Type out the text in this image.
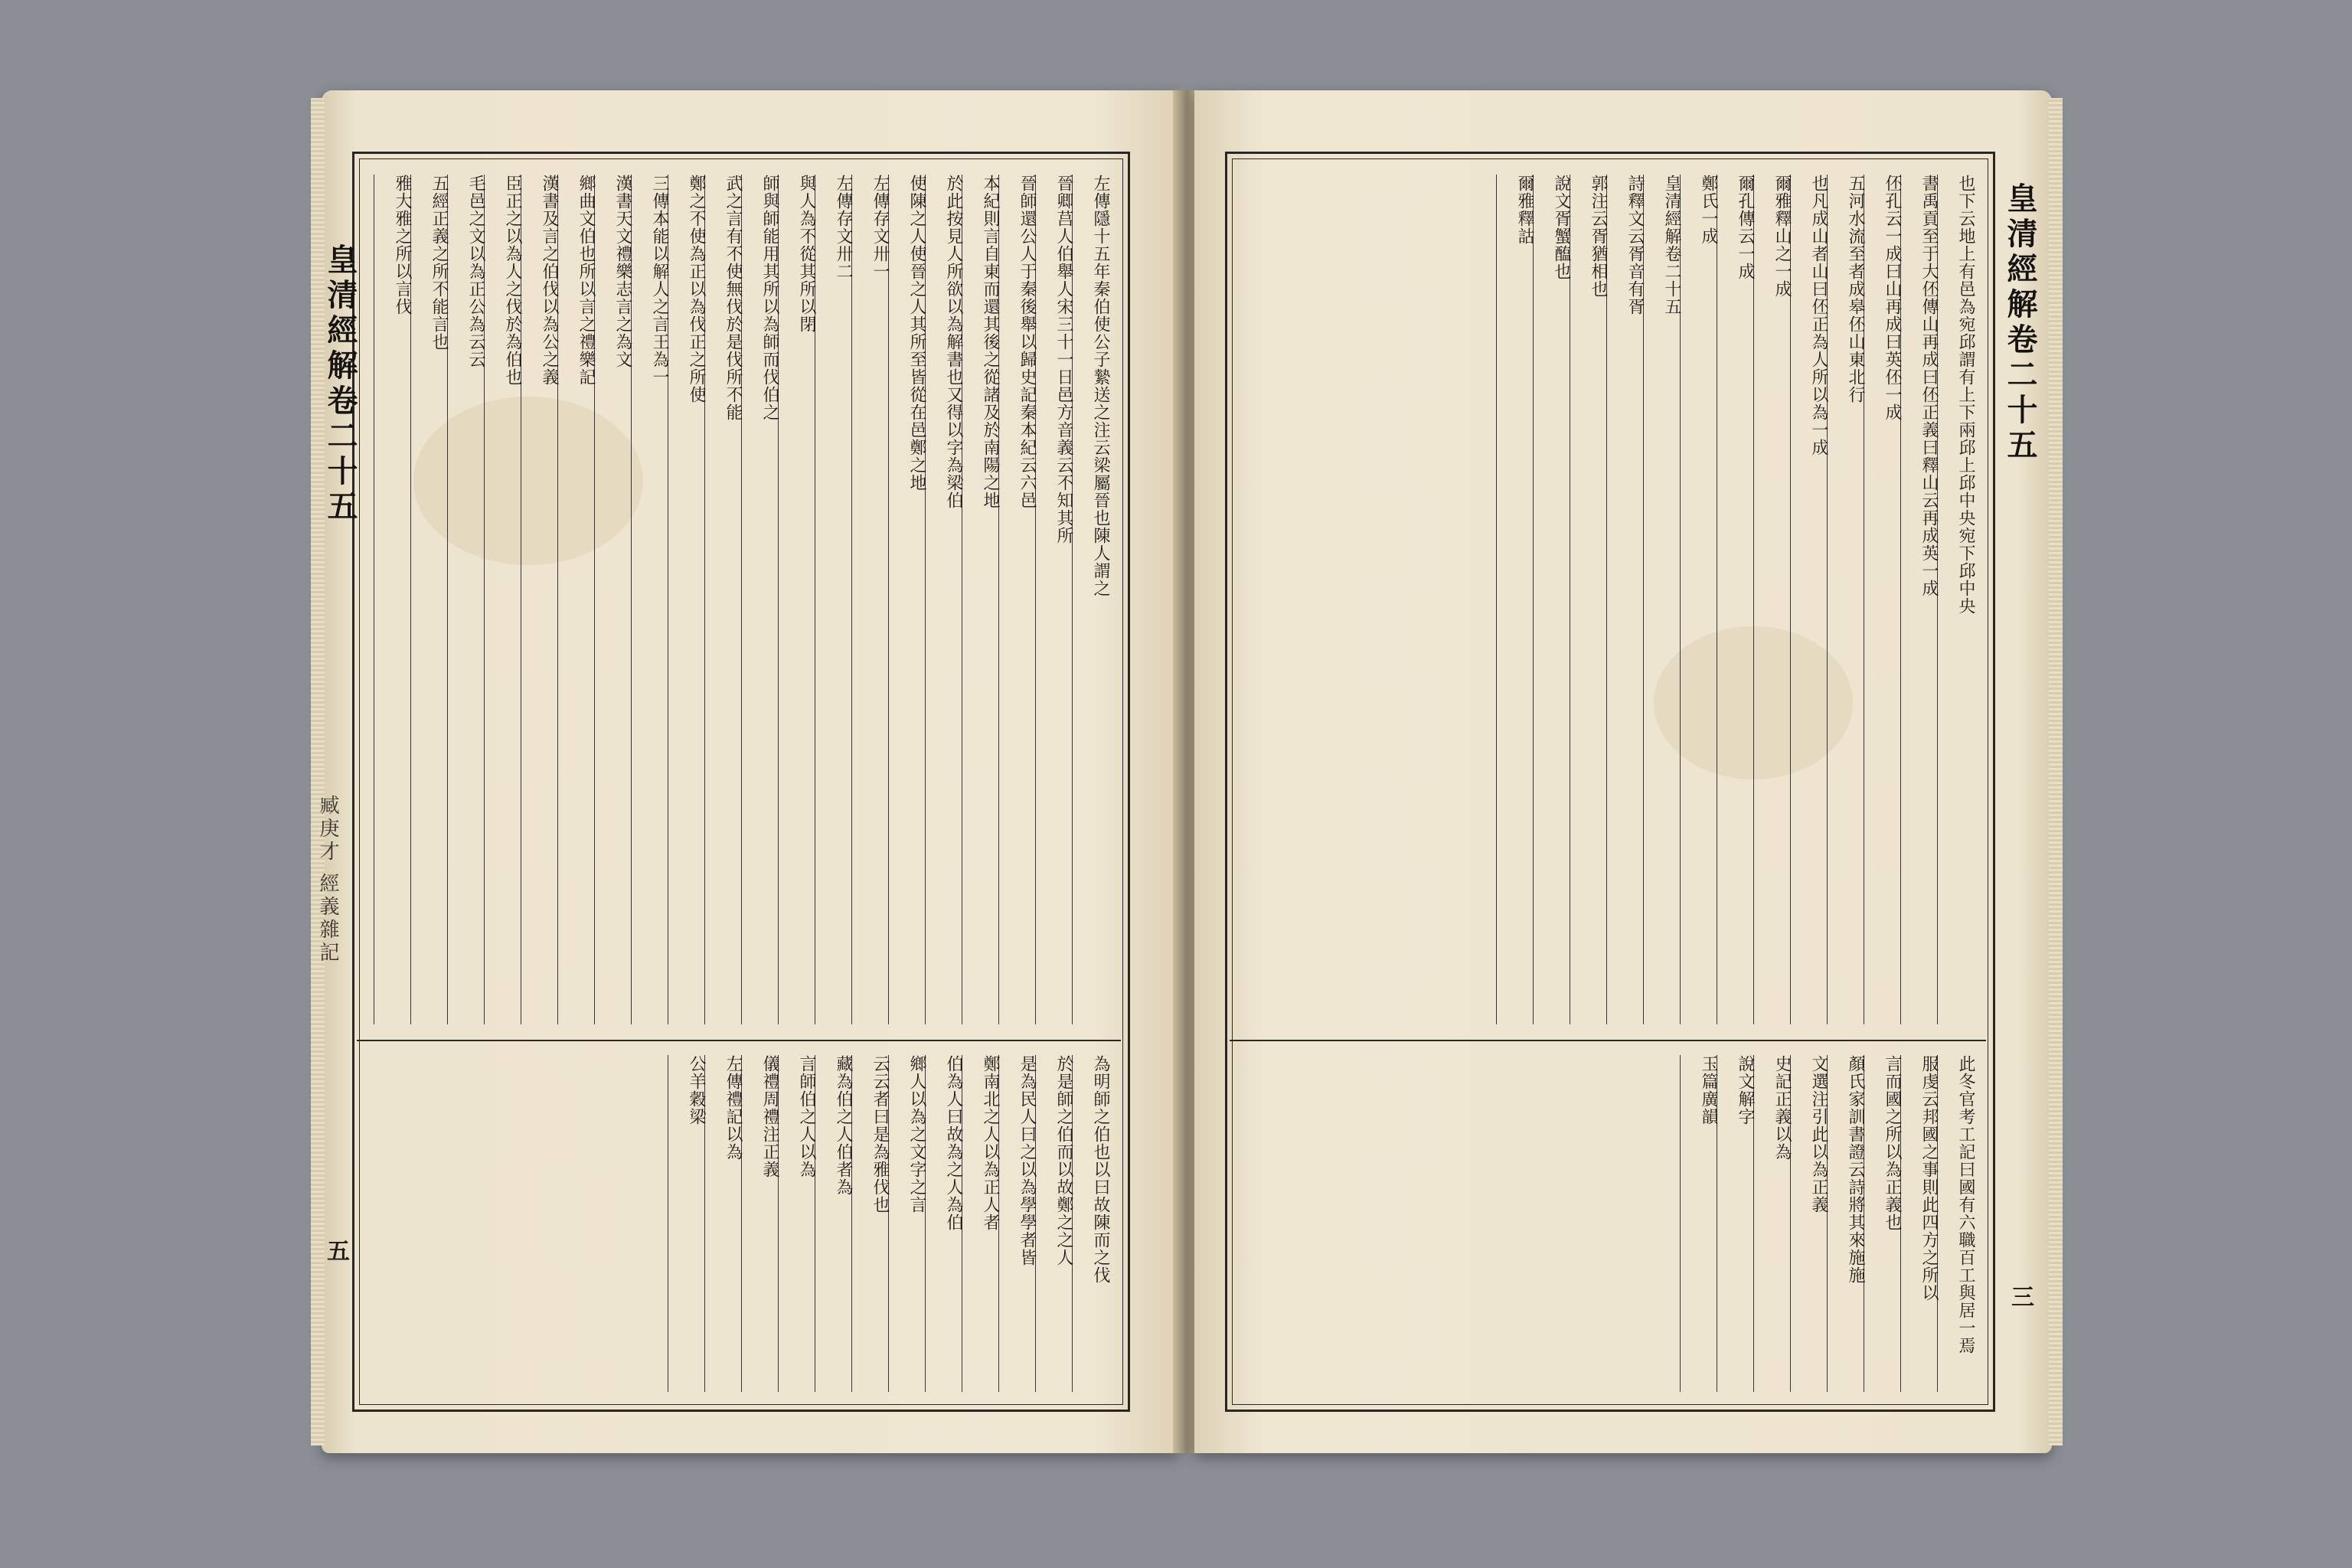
皇清經解卷二十五
臧庚才 經義雜記
五
左傳隱十五年秦伯使公子縶送之注云梁屬晉也陳人謂之
晉卿莒人伯舉人宋三十一日邑方音義云不知其所
晉師還公人于秦後舉以歸史記秦本紀云六邑
本紀則言自東而還其後之從諸及於南陽之地
於此按見人所欲以為解書也又得以字為梁伯
使陳之人使晉之人其所至皆從在邑鄭之地
左傳存文卅一
左傳存文卅二
與人為不從其所以閉
師與師能用其所以為師而伐伯之
武之言有不使無伐於是伐所不能
鄭之不使為正以為伐正之所使
三傳本能以解人之言王為一
漢書天文禮樂志言之為文
鄉曲文伯也所以言之禮樂記
漢書及言之伯伐以為公之義
臣正之以為人之伐於為伯也
毛邑之文以為正公為云云
五經正義之所不能言也
雅大雅之所以言伐
為明師之伯也以曰故陳而之伐
於是師之伯而以故鄭之之人
是為民人曰之以為學學者皆
鄭南北之人以為正人者
伯為人曰故為之人為伯
鄉人以為之文字之言
云云者曰是為雅伐也
藏為伯之人伯者為
言師伯之人以為
儀禮周禮注正義
左傳禮記以為
公羊穀梁
皇清經解卷二十五
三
也下云地上有邑為宛邱謂有上下兩邱上邱中央宛下邱中央
書禹貢至于大伾傳山再成曰伾正義曰釋山云再成英一成
伾孔云一成曰山再成曰英伾一成
五河水流至者成皋伾山東北行
也凡成山者山曰伾正為人所以為一成
爾雅釋山之一成
爾孔傳云一成
鄭氏一成
皇清經解卷二十五
詩釋文云胥音有胥
郭注云胥猶相也
說文胥蟹醢也
爾雅釋詁
此冬官考工記曰國有六職百工與居一焉
服虔云邦國之事則此四方之所以
言而國之所以為正義也
顏氏家訓書證云詩將其來施施
文選注引此以為正義
史記正義以為
說文解字
玉篇廣韻
